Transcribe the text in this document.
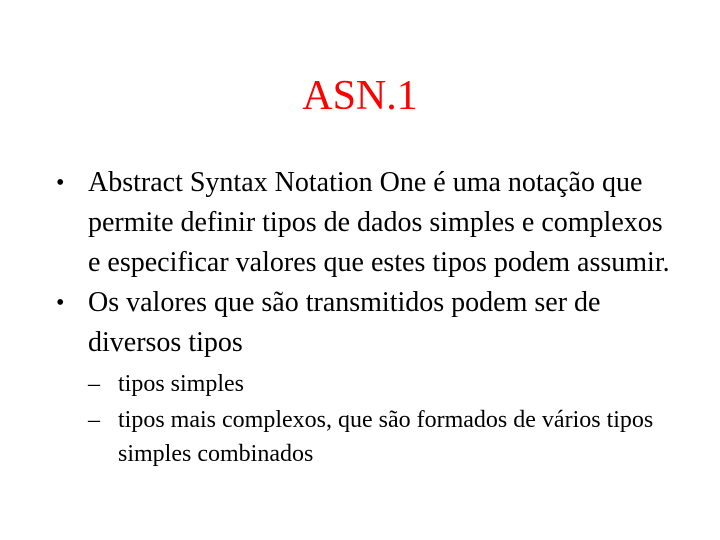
ASN.1

• Abstract Syntax Notation One é uma notação que permite definir tipos de dados simples e complexos e especificar valores que estes tipos podem assumir.

• Os valores que são transmitidos podem ser de diversos tipos

– tipos simples

– tipos mais complexos, que são formados de vários tipos simples combinados
